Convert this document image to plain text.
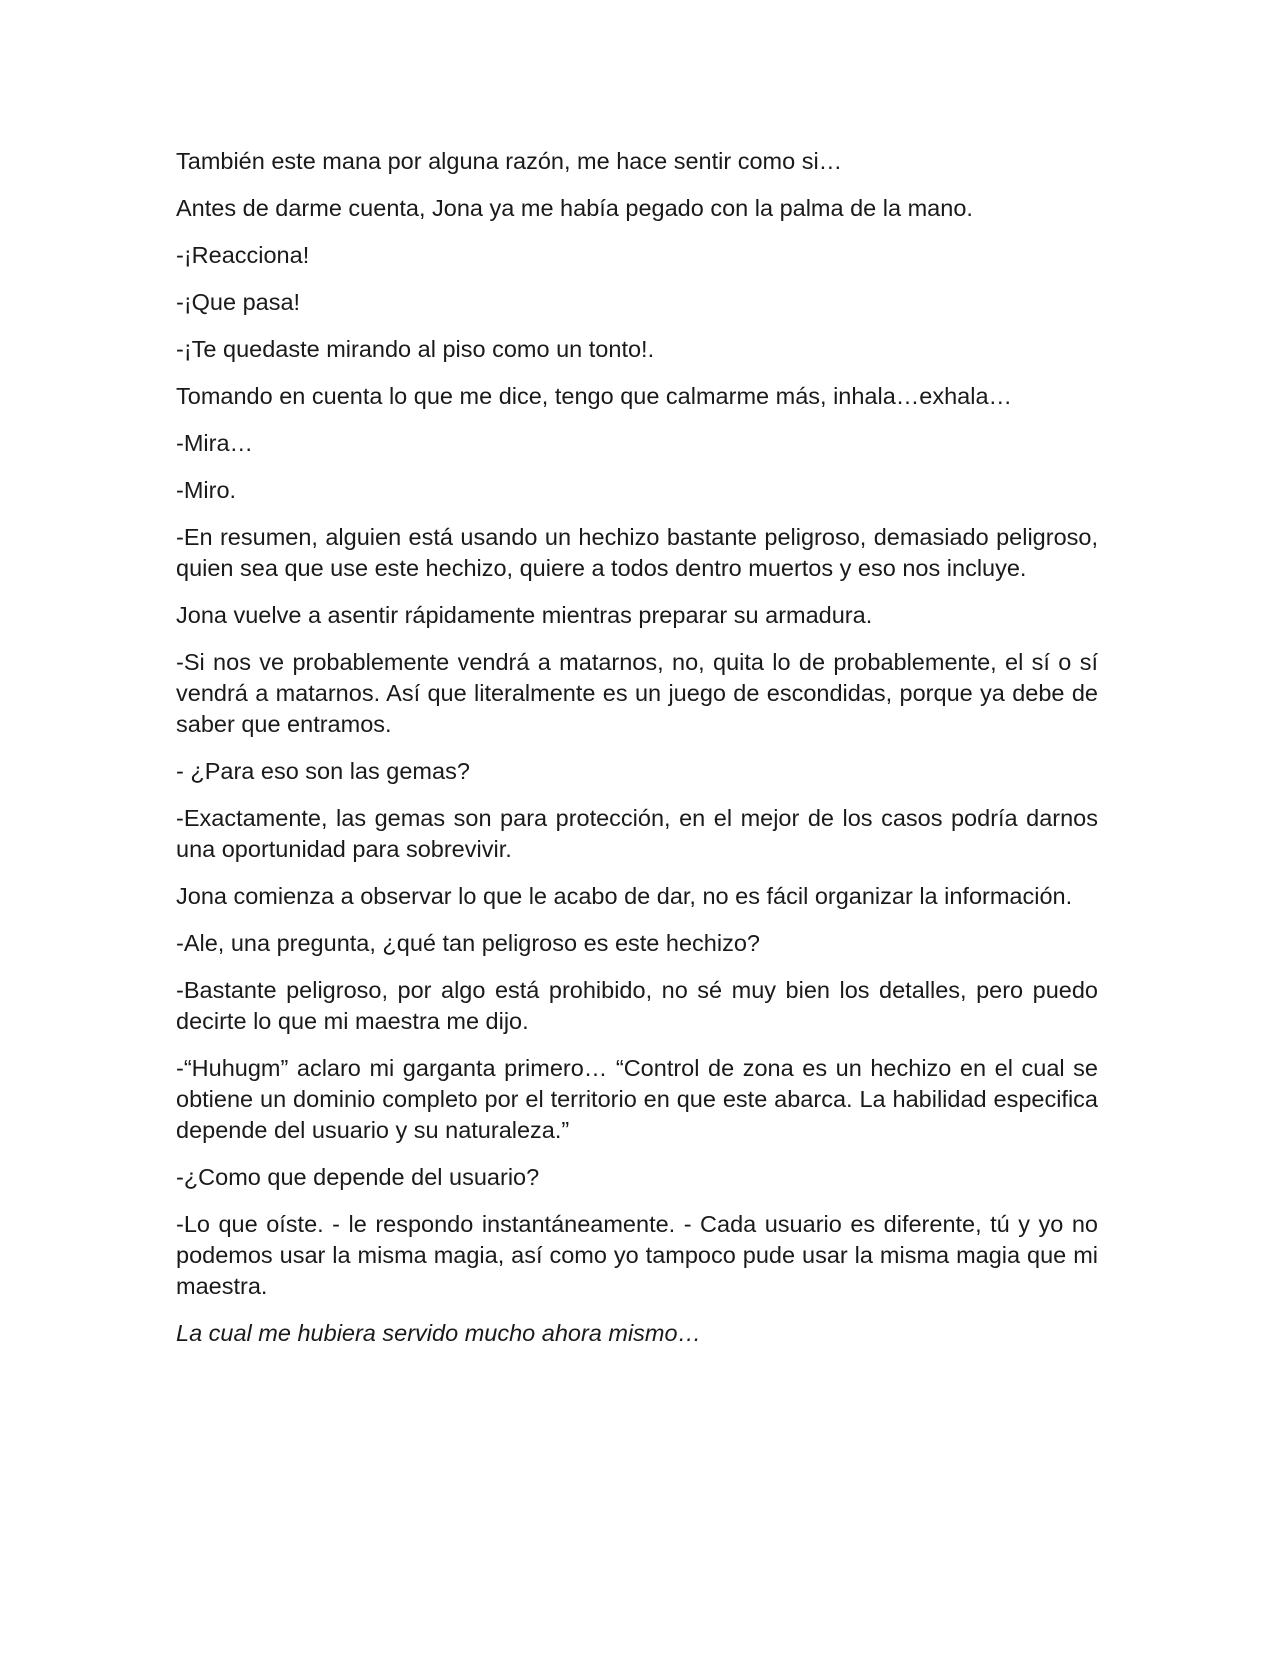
También este mana por alguna razón, me hace sentir como si…

Antes de darme cuenta, Jona ya me había pegado con la palma de la mano.

-¡Reacciona!

-¡Que pasa!

-¡Te quedaste mirando al piso como un tonto!.

Tomando en cuenta lo que me dice, tengo que calmarme más, inhala…exhala…

-Mira…

-Miro.

-En resumen, alguien está usando un hechizo bastante peligroso, demasiado peligroso, quien sea que use este hechizo, quiere a todos dentro muertos y eso nos incluye.

Jona vuelve a asentir rápidamente mientras preparar su armadura.

-Si nos ve probablemente vendrá a matarnos, no, quita lo de probablemente, el sí o sí vendrá a matarnos. Así que literalmente es un juego de escondidas, porque ya debe de saber que entramos.

- ¿Para eso son las gemas?

-Exactamente, las gemas son para protección, en el mejor de los casos podría darnos una oportunidad para sobrevivir.

Jona comienza a observar lo que le acabo de dar, no es fácil organizar la información.

-Ale, una pregunta, ¿qué tan peligroso es este hechizo?

-Bastante peligroso, por algo está prohibido, no sé muy bien los detalles, pero puedo decirte lo que mi maestra me dijo.

-“Huhugm” aclaro mi garganta primero… “Control de zona es un hechizo en el cual se obtiene un dominio completo por el territorio en que este abarca. La habilidad especifica depende del usuario y su naturaleza.”

-¿Como que depende del usuario?

-Lo que oíste. - le respondo instantáneamente. - Cada usuario es diferente, tú y yo no podemos usar la misma magia, así como yo tampoco pude usar la misma magia que mi maestra.

La cual me hubiera servido mucho ahora mismo…
